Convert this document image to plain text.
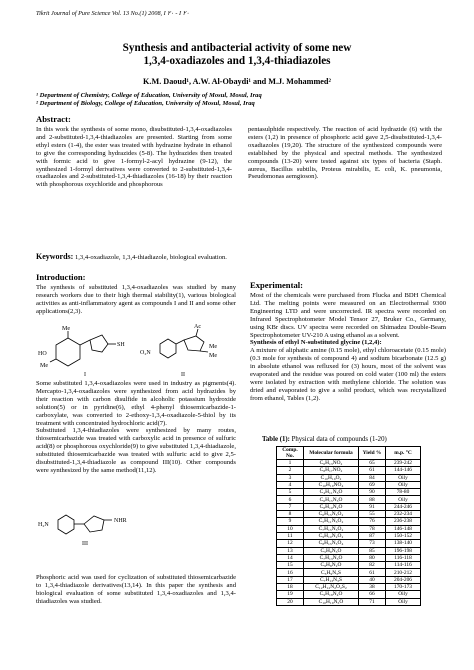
Tikrit Journal of Pure Science Vol. 13 No.(1) 2008, I ۲۰ - I ۲۰
Synthesis and antibacterial activity of some new
1,3,4-oxadiazoles and 1,3,4-thiadiazoles
K.M. Daoud¹, A.W. Al-Obaydi¹ and M.J. Mohammed²
¹ Department of Chemistry, College of Education, University of Mosul, Mosul, Iraq
² Department of Biology, College of Education, University of Mosul, Mosul, Iraq
Abstract:

In this work the synthesis of some mono, disubstituted-1,3,4-oxadiazoles and 2-substituted-1,3,4-thiadiazoles are presented. Starting from some ethyl esters (1-4), the ester was treated with hydrazine hydrate in ethanol to give the corresponding hydrazides (5-8). The hydrazides then treated with formic acid to give 1-formyl-2-acyl hydrazine (9-12), the synthesized 1-formyl derivatives were converted to 2-substituted-1,3,4-oxadiazoles and 2-substituted-1,3,4-thiadiazoles (16-18) by their reaction with phosphorous oxychloride and phosphorous

pentasulphide respectively. The reaction of acid hydrazide (6) with the esters (1,2) in presence of phosphoric acid gave 2,5-disubstituted-1,3,4-oxadiazoles (19,20). The structure of the synthesized compounds were established by the physical and spectral methods. The synthesized compounds (13-20) were tested against six types of bacteria (Staph. aureus, Bacillus subtilis, Proteus mirabilis, E. coli, K. pneumonia, Pseudomonas aemgioson).

Keywords: 1,3,4-oxadiazole, 1,3,4-thiadiazole, biological evaluation.
Introduction:

The synthesis of substituted 1,3,4-oxadiazoles was studied by many research workers due to their high thermal stability(1), various biological activities as anti-inflammatory agent as compounds I and II and some other applications(2,3).

Me
HO
Me
SH
I
O₂N
Ac
Me
Me
II

Some substituted 1,3,4-oxadiazoles were used in industry as pigments(4). Mercapto-1,3,4-oxadiazoles were synthesized from acid hydrazides by their reaction with carbon disulfide in alcoholic potassium hydroxide solution(5) or in pyridine(6), ethyl 4-phenyl thiosemicarbazide-1-carboxylate, was converted to 2-ethoxy-1,3,4-oxadiazole-5-thiol by its treatment with concentrated hydrochloric acid(7).

Substituted 1,3,4-thiadiazoles were synthesized by many routes, thiosemicarbazide was treated with carboxylic acid in presence of sulfuric acid(8) or phosphorous oxychloride(9) to give substituted 1,3,4-thiadiazole, substituted thiosemicarbazide was treated with sulfuric acid to give 2,5-disubstituted-1,3,4-thiadiazole as compound III(10). Other compounds were synthesized by the same method(11,12).

H₂N
NHR
III

Phosphoric acid was used for cyclization of substituted thiosemicarbazide to 1,3,4-thiadiazole derivatives(13,14). In this paper the synthesis and biological evaluation of some substituted 1,3,4-oxadiazoles and 1,3,4-thiadiazoles was studied.

Experimental:

Most of the chemicals were purchased from Flucka and BDH Chemical Ltd. The melting points were measured on an Electrothermal 9300 Engineering LTD and were uncorrected. IR spectra were recorded on Infrared Spectrophotometer Model Tensor 27, Bruker Co., Germany, using KBr discs. UV spectra were recorded on Shimadzu Double-Beam Spectrophotometer UV-210 A using ethanol as a solvent.

Synthesis of ethyl N-substituted glycine (1,2,4):

A mixture of aliphatic amine (0.15 mole), ethyl chloroacetate (0.15 mole) (0.3 mole for synthesis of compound 4) and sodium bicarbonate (12.5 g) in absolute ethanol was refluxed for (3) hours, most of the solvent was evaporated and the residue was poured on cold water (100 ml) the esters were isolated by extraction with methylene chloride. The solution was dried and evaporated to give a solid product, which was recrystallized from ethanol, Tables (1,2).

Table (1): Physical data of compounds (1-20)
Comp. No.	Molecular formula	Yield %	m.p. °C
1	C₆H₁₃NO₂	65	239-242
2	C₈H₁₇NO₂	61	144-146
3	C₁₀H₁₉O₂	84	Oily
4	C₁₀H₁₉NO₄	69	Oily
5	C₄H₁₁N₃O	90	78-80
6	C₆H₁₅N₃O	88	Oily
7	C₈H₁₀N₂O	91	244-246
8	C₆H₁₅N₅O₂	55	232-234
9	C₅H₁₁N₃O₂	76	236-238
10	C₇H₁₅N₃O₂	78	146-148
11	C₉H₁₀N₂O₂	87	150-152
12	C₈H₁₅N₅O₄	73	138-140
13	C₅H₉N₃O	85	196-198
14	C₇H₁₃N₃O	80	116-118
15	C₉H₈N₂O	82	114-116
16	C₅H₉N₃S	61	210-212
17	C₇H₁₃N₃S	40	204-206
18	C₁₂H₁₂N₂O₂S₂	38	170-173
19	C₉H₁₈N₄O	66	Oily
20	C₁₀H₁₉N₅O	71	Oily
